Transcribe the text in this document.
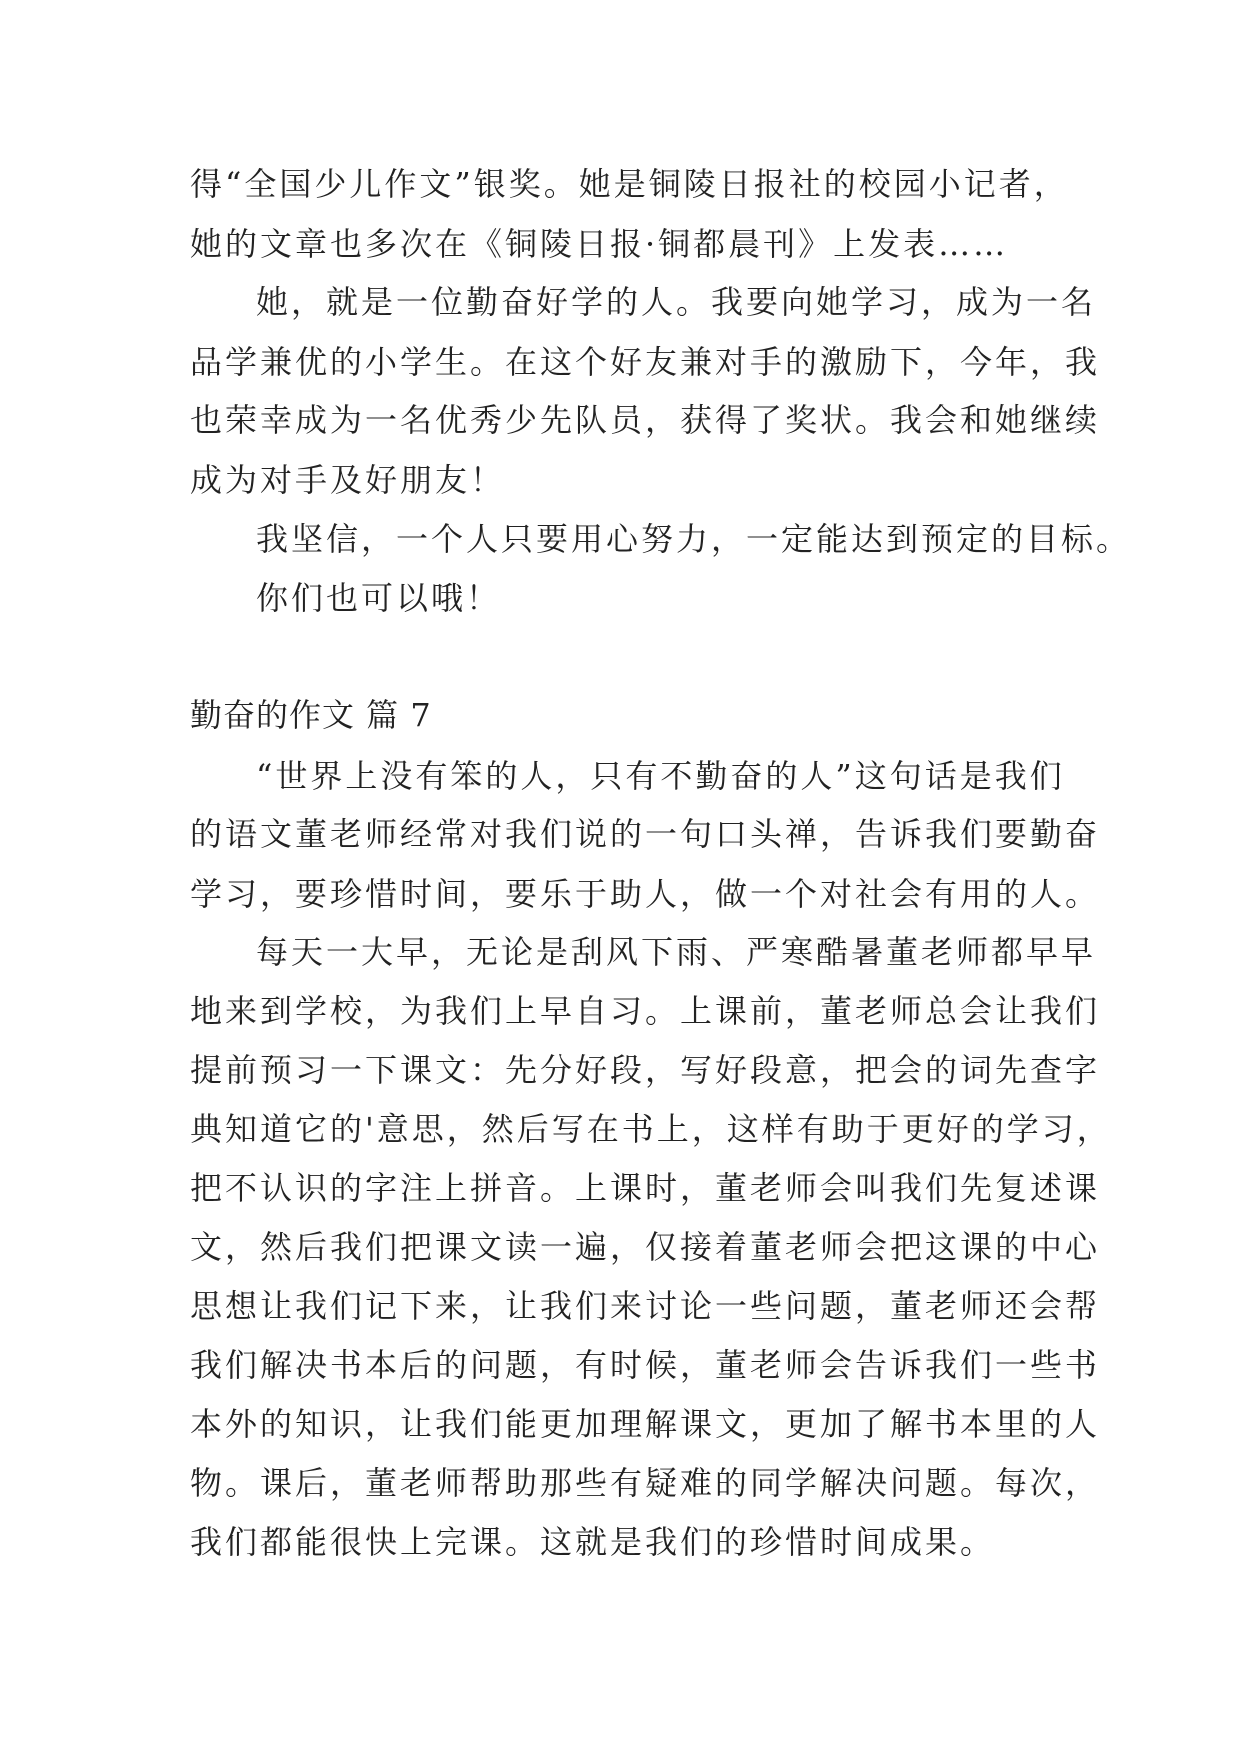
得“全国少儿作文”银奖。她是铜陵日报社的校园小记者，
她的文章也多次在《铜陵日报·铜都晨刊》上发表……
她，就是一位勤奋好学的人。我要向她学习，成为一名
品学兼优的小学生。在这个好友兼对手的激励下，今年，我
也荣幸成为一名优秀少先队员，获得了奖状。我会和她继续
成为对手及好朋友！
我坚信，一个人只要用心努力，一定能达到预定的目标。
你们也可以哦！
勤奋的作文 篇 7
“世界上没有笨的人，只有不勤奋的人”这句话是我们
的语文董老师经常对我们说的一句口头禅，告诉我们要勤奋
学习，要珍惜时间，要乐于助人，做一个对社会有用的人。
每天一大早，无论是刮风下雨、严寒酷暑董老师都早早
地来到学校，为我们上早自习。上课前，董老师总会让我们
提前预习一下课文：先分好段，写好段意，把会的词先查字
典知道它的'意思，然后写在书上，这样有助于更好的学习，
把不认识的字注上拼音。上课时，董老师会叫我们先复述课
文，然后我们把课文读一遍，仅接着董老师会把这课的中心
思想让我们记下来，让我们来讨论一些问题，董老师还会帮
我们解决书本后的问题，有时候，董老师会告诉我们一些书
本外的知识，让我们能更加理解课文，更加了解书本里的人
物。课后，董老师帮助那些有疑难的同学解决问题。每次，
我们都能很快上完课。这就是我们的珍惜时间成果。
